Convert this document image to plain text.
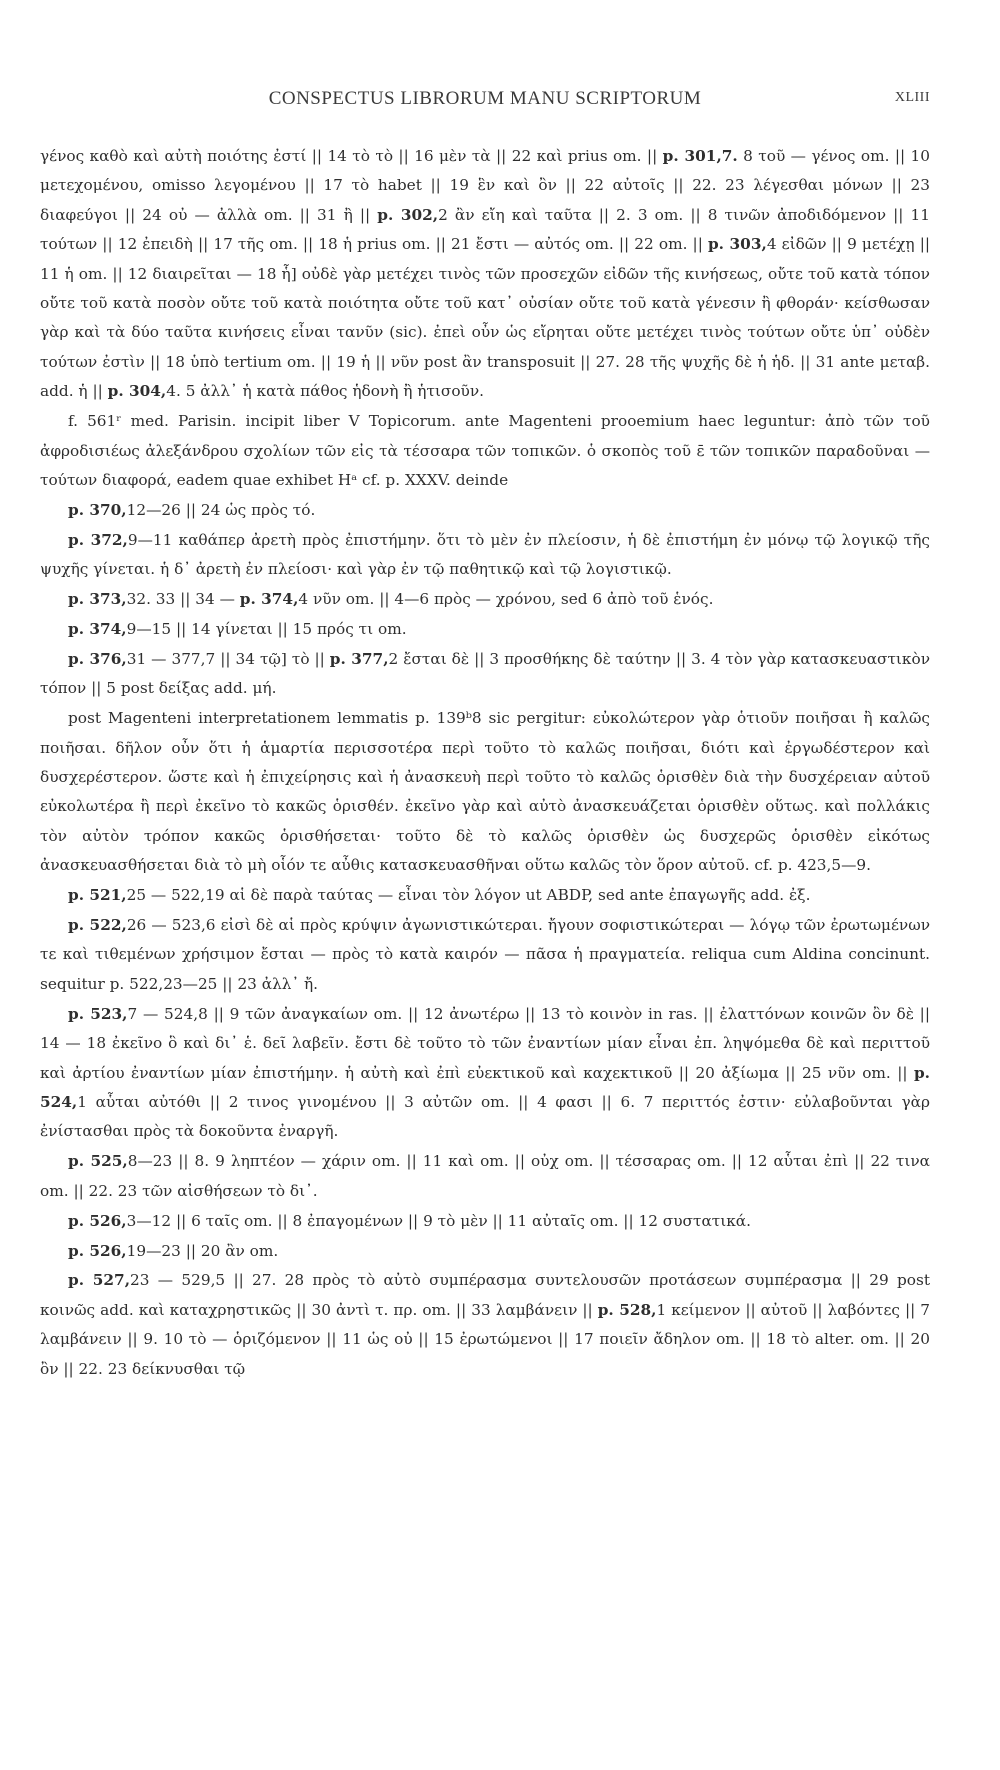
CONSPECTUS LIBRORUM MANU SCRIPTORUM	XLIII

γένος καθὸ καὶ αὐτὴ ποιότης ἐστί || 14 τὸ τὸ || 16 μὲν τὰ || 22 καὶ prius om. || p. 301,7. 8 τοῦ — γένος om. || 10 μετεχομένου, omisso λεγομένου || 17 τὸ habet || 19 ἓν καὶ ὂν || 22 αὐτοῖς || 22. 23 λέγεσθαι μόνων || 23 διαφεύγοι || 24 οὐ — ἀλλὰ om. || 31 ἢ || p. 302,2 ἂν εἴη καὶ ταῦτα || 2. 3 om. || 8 τινῶν ἀποδιδόμενον || 11 τούτων || 12 ἐπειδὴ || 17 τῆς om. || 18 ἡ prius om. || 21 ἔστι — αὐτός om. || 22 om. || p. 303,4 εἰδῶν || 9 μετέχῃ || 11 ἡ om. || 12 διαιρεῖται — 18 ἧ] οὐδὲ γὰρ μετέχει τινὸς τῶν προσεχῶν εἰδῶν τῆς κινήσεως, οὔτε τοῦ κατὰ τόπον οὔτε τοῦ κατὰ ποσὸν οὔτε τοῦ κατὰ ποιότητα οὔτε τοῦ κατ᾽ οὐσίαν οὔτε τοῦ κατὰ γένεσιν ἢ φθοράν· κείσθωσαν γὰρ καὶ τὰ δύο ταῦτα κινήσεις εἶναι τανῦν (sic). ἐπεὶ οὖν ὡς εἴρηται οὔτε μετέχει τινὸς τούτων οὔτε ὑπ᾽ οὐδὲν τούτων ἐστὶν || 18 ὑπὸ tertium om. || 19 ἡ || νῦν post ἂν transposuit || 27. 28 τῆς ψυχῆς δὲ ἡ ἡδ. || 31 ante μεταβ. add. ἡ || p. 304,4. 5 ἀλλ᾽ ἡ κατὰ πάθος ἡδονὴ ἢ ἡτισοῦν.

f. 561ʳ med. Parisin. incipit liber V Topicorum. ante Magenteni prooemium haec leguntur: ἀπὸ τῶν τοῦ ἀφροδισιέως ἀλεξάνδρου σχολίων τῶν εἰς τὰ τέσσαρα τῶν τοπικῶν. ὁ σκοπὸς τοῦ ε̄ τῶν τοπικῶν παραδοῦναι — τούτων διαφορά, eadem quae exhibet Hᵃ cf. p. XXXV. deinde

p. 370,12—26 || 24 ὡς πρὸς τό.

p. 372,9—11 καθάπερ ἀρετὴ πρὸς ἐπιστήμην. ὅτι τὸ μὲν ἐν πλείοσιν, ἡ δὲ ἐπιστήμη ἐν μόνῳ τῷ λογικῷ τῆς ψυχῆς γίνεται. ἡ δ᾽ ἀρετὴ ἐν πλείοσι· καὶ γὰρ ἐν τῷ παθητικῷ καὶ τῷ λογιστικῷ.

p. 373,32. 33 || 34 — p. 374,4 νῦν om. || 4—6 πρὸς — χρόνου, sed 6 ἀπὸ τοῦ ἑνός.

p. 374,9—15 || 14 γίνεται || 15 πρός τι om.

p. 376,31 — 377,7 || 34 τῷ] τὸ || p. 377,2 ἔσται δὲ || 3 προσθήκης δὲ ταύτην || 3. 4 τὸν γὰρ κατασκευαστικὸν τόπον || 5 post δείξας add. μή.

post Magenteni interpretationem lemmatis p. 139ᵇ8 sic pergitur: εὐκολώτερον γὰρ ὁτιοῦν ποιῆσαι ἢ καλῶς ποιῆσαι. δῆλον οὖν ὅτι ἡ ἁμαρτία περισσοτέρα περὶ τοῦτο τὸ καλῶς ποιῆσαι, διότι καὶ ἐργωδέστερον καὶ δυσχερέστερον. ὥστε καὶ ἡ ἐπιχείρησις καὶ ἡ ἀνασκευὴ περὶ τοῦτο τὸ καλῶς ὁρισθὲν διὰ τὴν δυσχέρειαν αὐτοῦ εὐκολωτέρα ἢ περὶ ἐκεῖνο τὸ κακῶς ὁρισθέν. ἐκεῖνο γὰρ καὶ αὐτὸ ἀνασκευάζεται ὁρισθὲν οὕτως. καὶ πολλάκις τὸν αὐτὸν τρόπον κακῶς ὁρισθήσεται· τοῦτο δὲ τὸ καλῶς ὁρισθὲν ὡς δυσχερῶς ὁρισθὲν εἰκότως ἀνασκευασθήσεται διὰ τὸ μὴ οἷόν τε αὖθις κατασκευασθῆναι οὕτω καλῶς τὸν ὅρον αὐτοῦ. cf. p. 423,5—9.

p. 521,25 — 522,19 αἱ δὲ παρὰ ταύτας — εἶναι τὸν λόγον ut ABDP, sed ante ἐπαγωγῆς add. ἐξ.

p. 522,26 — 523,6 εἰσὶ δὲ αἱ πρὸς κρύψιν ἀγωνιστικώτεραι. ἤγουν σοφιστικώτεραι — λόγῳ τῶν ἐρωτωμένων τε καὶ τιθεμένων χρήσιμον ἔσται — πρὸς τὸ κατὰ καιρόν — πᾶσα ἡ πραγματεία. reliqua cum Aldina concinunt. sequitur p. 522,23—25 || 23 ἀλλ᾽ ἤ.

p. 523,7 — 524,8 || 9 τῶν ἀναγκαίων om. || 12 ἀνωτέρω || 13 τὸ κοινὸν in ras. || ἐλαττόνων κοινῶν ὂν δὲ || 14 — 18 ἐκεῖνο ὃ καὶ δι᾽ ἑ. δεῖ λαβεῖν. ἔστι δὲ τοῦτο τὸ τῶν ἐναντίων μίαν εἶναι ἐπ. ληψόμεθα δὲ καὶ περιττοῦ καὶ ἀρτίου ἐναντίων μίαν ἐπιστήμην. ἡ αὐτὴ καὶ ἐπὶ εὐεκτικοῦ καὶ καχεκτικοῦ || 20 ἀξίωμα || 25 νῦν om. || p. 524,1 αὗται αὐτόθι || 2 τινος γινομένου || 3 αὐτῶν om. || 4 φασι || 6. 7 περιττός ἐστιν· εὐλαβοῦνται γὰρ ἐνίστασθαι πρὸς τὰ δοκοῦντα ἐναργῆ.

p. 525,8—23 || 8. 9 ληπτέον — χάριν om. || 11 καὶ om. || οὐχ om. || τέσσαρας om. || 12 αὗται ἐπὶ || 22 τινα om. || 22. 23 τῶν αἰσθήσεων τὸ δι᾽.

p. 526,3—12 || 6 ταῖς om. || 8 ἐπαγομένων || 9 τὸ μὲν || 11 αὐταῖς om. || 12 συστατικά.

p. 526,19—23 || 20 ἂν om.

p. 527,23 — 529,5 || 27. 28 πρὸς τὸ αὐτὸ συμπέρασμα συντελουσῶν προτάσεων συμπέρασμα || 29 post κοινῶς add. καὶ καταχρηστικῶς || 30 ἀντὶ τ. πρ. om. || 33 λαμβάνειν || p. 528,1 κείμενον || αὐτοῦ || λαβόντες || 7 λαμβάνειν || 9. 10 τὸ — ὁριζόμενον || 11 ὡς οὐ || 15 ἐρωτώμενοι || 17 ποιεῖν ἄδηλον om. || 18 τὸ alter. om. || 20 ὂν || 22. 23 δείκνυσθαι τῷ
